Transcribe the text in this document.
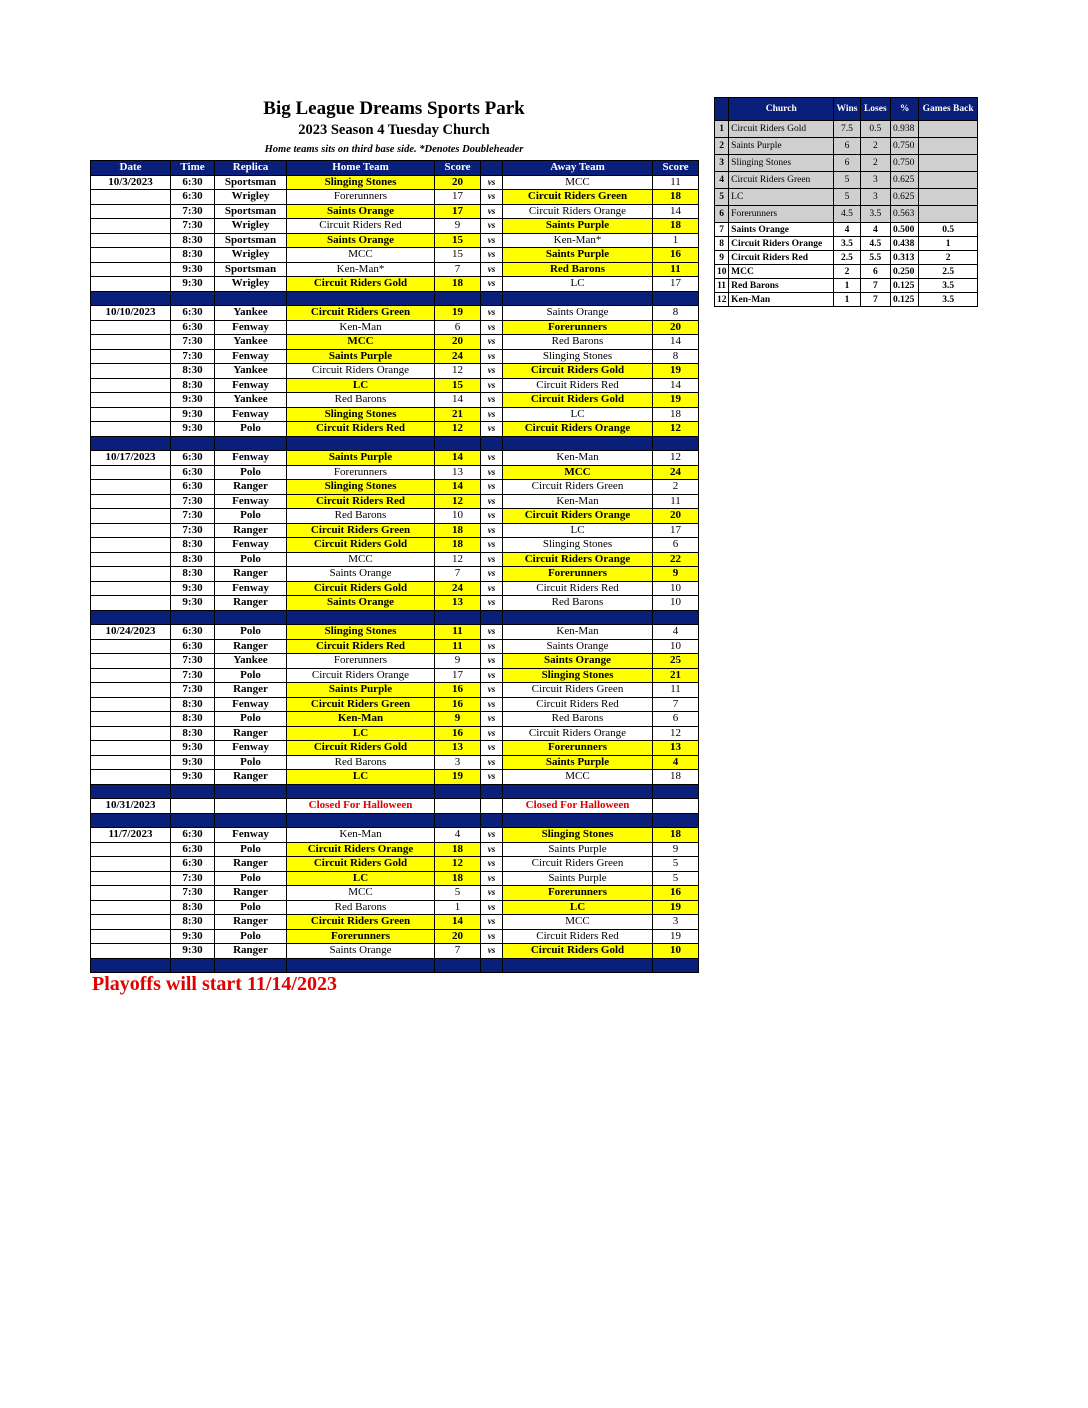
Big League Dreams Sports Park
2023 Season 4 Tuesday Church
Home teams sits on third base side. *Denotes Doubleheader
Date	Time	Replica	Home Team	Score		Away Team	Score
10/3/2023	6:30	Sportsman	Slinging Stones	20	vs	MCC	11
	6:30	Wrigley	Forerunners	17	vs	Circuit Riders Green	18
	7:30	Sportsman	Saints Orange	17	vs	Circuit Riders Orange	14
	7:30	Wrigley	Circuit Riders Red	9	vs	Saints Purple	18
	8:30	Sportsman	Saints Orange	15	vs	Ken-Man*	1
	8:30	Wrigley	MCC	15	vs	Saints Purple	16
	9:30	Sportsman	Ken-Man*	7	vs	Red Barons	11
	9:30	Wrigley	Circuit Riders Gold	18	vs	LC	17

10/10/2023	6:30	Yankee	Circuit Riders Green	19	vs	Saints Orange	8
	6:30	Fenway	Ken-Man	6	vs	Forerunners	20
	7:30	Yankee	MCC	20	vs	Red Barons	14
	7:30	Fenway	Saints Purple	24	vs	Slinging Stones	8
	8:30	Yankee	Circuit Riders Orange	12	vs	Circuit Riders Gold	19
	8:30	Fenway	LC	15	vs	Circuit Riders Red	14
	9:30	Yankee	Red Barons	14	vs	Circuit Riders Gold	19
	9:30	Fenway	Slinging Stones	21	vs	LC	18
	9:30	Polo	Circuit Riders Red	12	vs	Circuit Riders Orange	12

10/17/2023	6:30	Fenway	Saints Purple	14	vs	Ken-Man	12
	6:30	Polo	Forerunners	13	vs	MCC	24
	6:30	Ranger	Slinging Stones	14	vs	Circuit Riders Green	2
	7:30	Fenway	Circuit Riders Red	12	vs	Ken-Man	11
	7:30	Polo	Red Barons	10	vs	Circuit Riders Orange	20
	7:30	Ranger	Circuit Riders Green	18	vs	LC	17
	8:30	Fenway	Circuit Riders Gold	18	vs	Slinging Stones	6
	8:30	Polo	MCC	12	vs	Circuit Riders Orange	22
	8:30	Ranger	Saints Orange	7	vs	Forerunners	9
	9:30	Fenway	Circuit Riders Gold	24	vs	Circuit Riders Red	10
	9:30	Ranger	Saints Orange	13	vs	Red Barons	10

10/24/2023	6:30	Polo	Slinging Stones	11	vs	Ken-Man	4
	6:30	Ranger	Circuit Riders Red	11	vs	Saints Orange	10
	7:30	Yankee	Forerunners	9	vs	Saints Orange	25
	7:30	Polo	Circuit Riders Orange	17	vs	Slinging Stones	21
	7:30	Ranger	Saints Purple	16	vs	Circuit Riders Green	11
	8:30	Fenway	Circuit Riders Green	16	vs	Circuit Riders Red	7
	8:30	Polo	Ken-Man	9	vs	Red Barons	6
	8:30	Ranger	LC	16	vs	Circuit Riders Orange	12
	9:30	Fenway	Circuit Riders Gold	13	vs	Forerunners	13
	9:30	Polo	Red Barons	3	vs	Saints Purple	4
	9:30	Ranger	LC	19	vs	MCC	18

10/31/2023			Closed For Halloween			Closed For Halloween	

11/7/2023	6:30	Fenway	Ken-Man	4	vs	Slinging Stones	18
	6:30	Polo	Circuit Riders Orange	18	vs	Saints Purple	9
	6:30	Ranger	Circuit Riders Gold	12	vs	Circuit Riders Green	5
	7:30	Polo	LC	18	vs	Saints Purple	5
	7:30	Ranger	MCC	5	vs	Forerunners	16
	8:30	Polo	Red Barons	1	vs	LC	19
	8:30	Ranger	Circuit Riders Green	14	vs	MCC	3
	9:30	Polo	Forerunners	20	vs	Circuit Riders Red	19
	9:30	Ranger	Saints Orange	7	vs	Circuit Riders Gold	10

	Church	Wins	Loses	%	Games Back
1	Circuit Riders Gold	7.5	0.5	0.938	
2	Saints Purple	6	2	0.750	
3	Slinging Stones	6	2	0.750	
4	Circuit Riders Green	5	3	0.625	
5	LC	5	3	0.625	
6	Forerunners	4.5	3.5	0.563	
7	Saints Orange	4	4	0.500	0.5
8	Circuit Riders Orange	3.5	4.5	0.438	1
9	Circuit Riders Red	2.5	5.5	0.313	2
10	MCC	2	6	0.250	2.5
11	Red Barons	1	7	0.125	3.5
12	Ken-Man	1	7	0.125	3.5
Playoffs will start 11/14/2023
